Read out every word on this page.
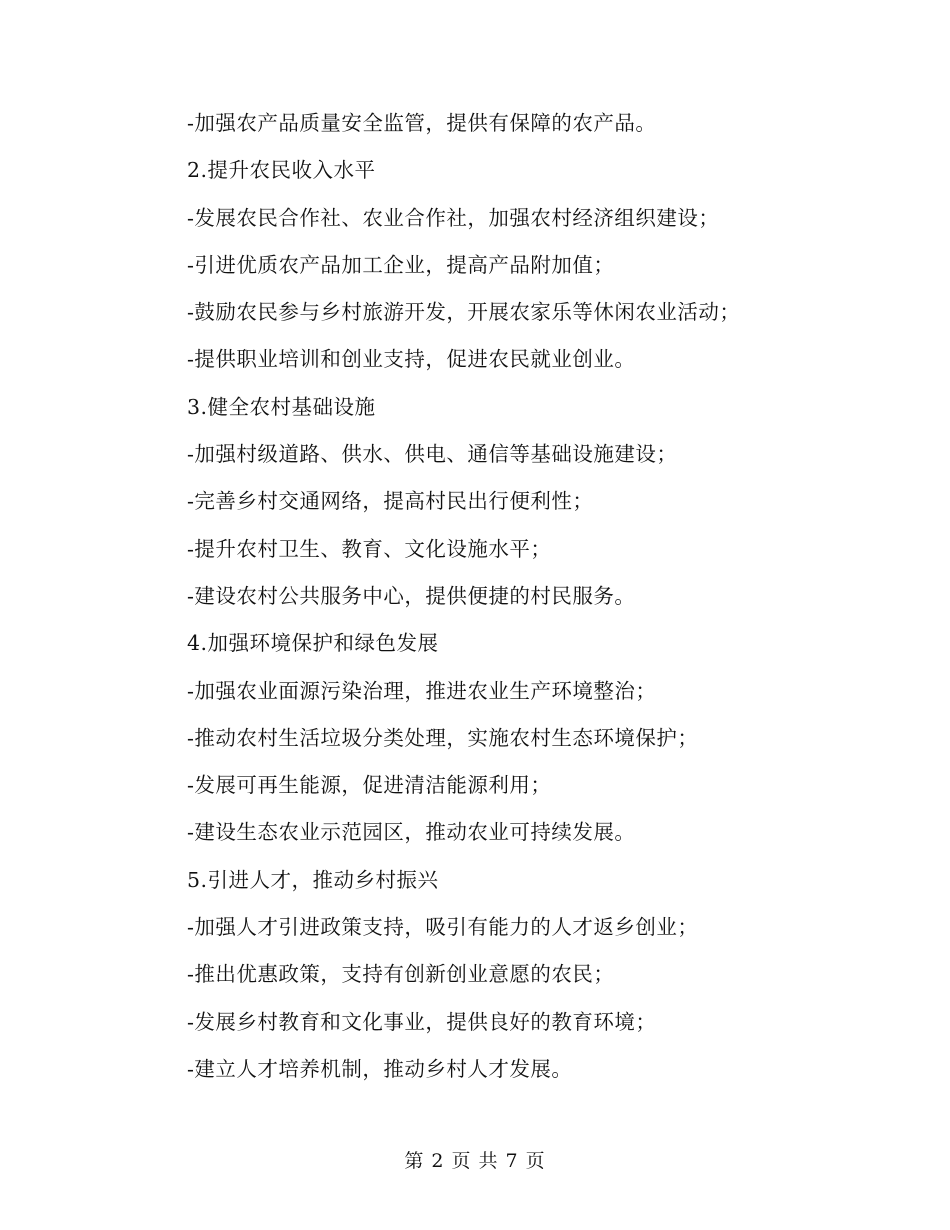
-加强农产品质量安全监管，提供有保障的农产品。
2.提升农民收入水平
-发展农民合作社、农业合作社，加强农村经济组织建设；
-引进优质农产品加工企业，提高产品附加值；
-鼓励农民参与乡村旅游开发，开展农家乐等休闲农业活动；
-提供职业培训和创业支持，促进农民就业创业。
3.健全农村基础设施
-加强村级道路、供水、供电、通信等基础设施建设；
-完善乡村交通网络，提高村民出行便利性；
-提升农村卫生、教育、文化设施水平；
-建设农村公共服务中心，提供便捷的村民服务。
4.加强环境保护和绿色发展
-加强农业面源污染治理，推进农业生产环境整治；
-推动农村生活垃圾分类处理，实施农村生态环境保护；
-发展可再生能源，促进清洁能源利用；
-建设生态农业示范园区，推动农业可持续发展。
5.引进人才，推动乡村振兴
-加强人才引进政策支持，吸引有能力的人才返乡创业；
-推出优惠政策，支持有创新创业意愿的农民；
-发展乡村教育和文化事业，提供良好的教育环境；
-建立人才培养机制，推动乡村人才发展。
第 2 页 共 7 页
